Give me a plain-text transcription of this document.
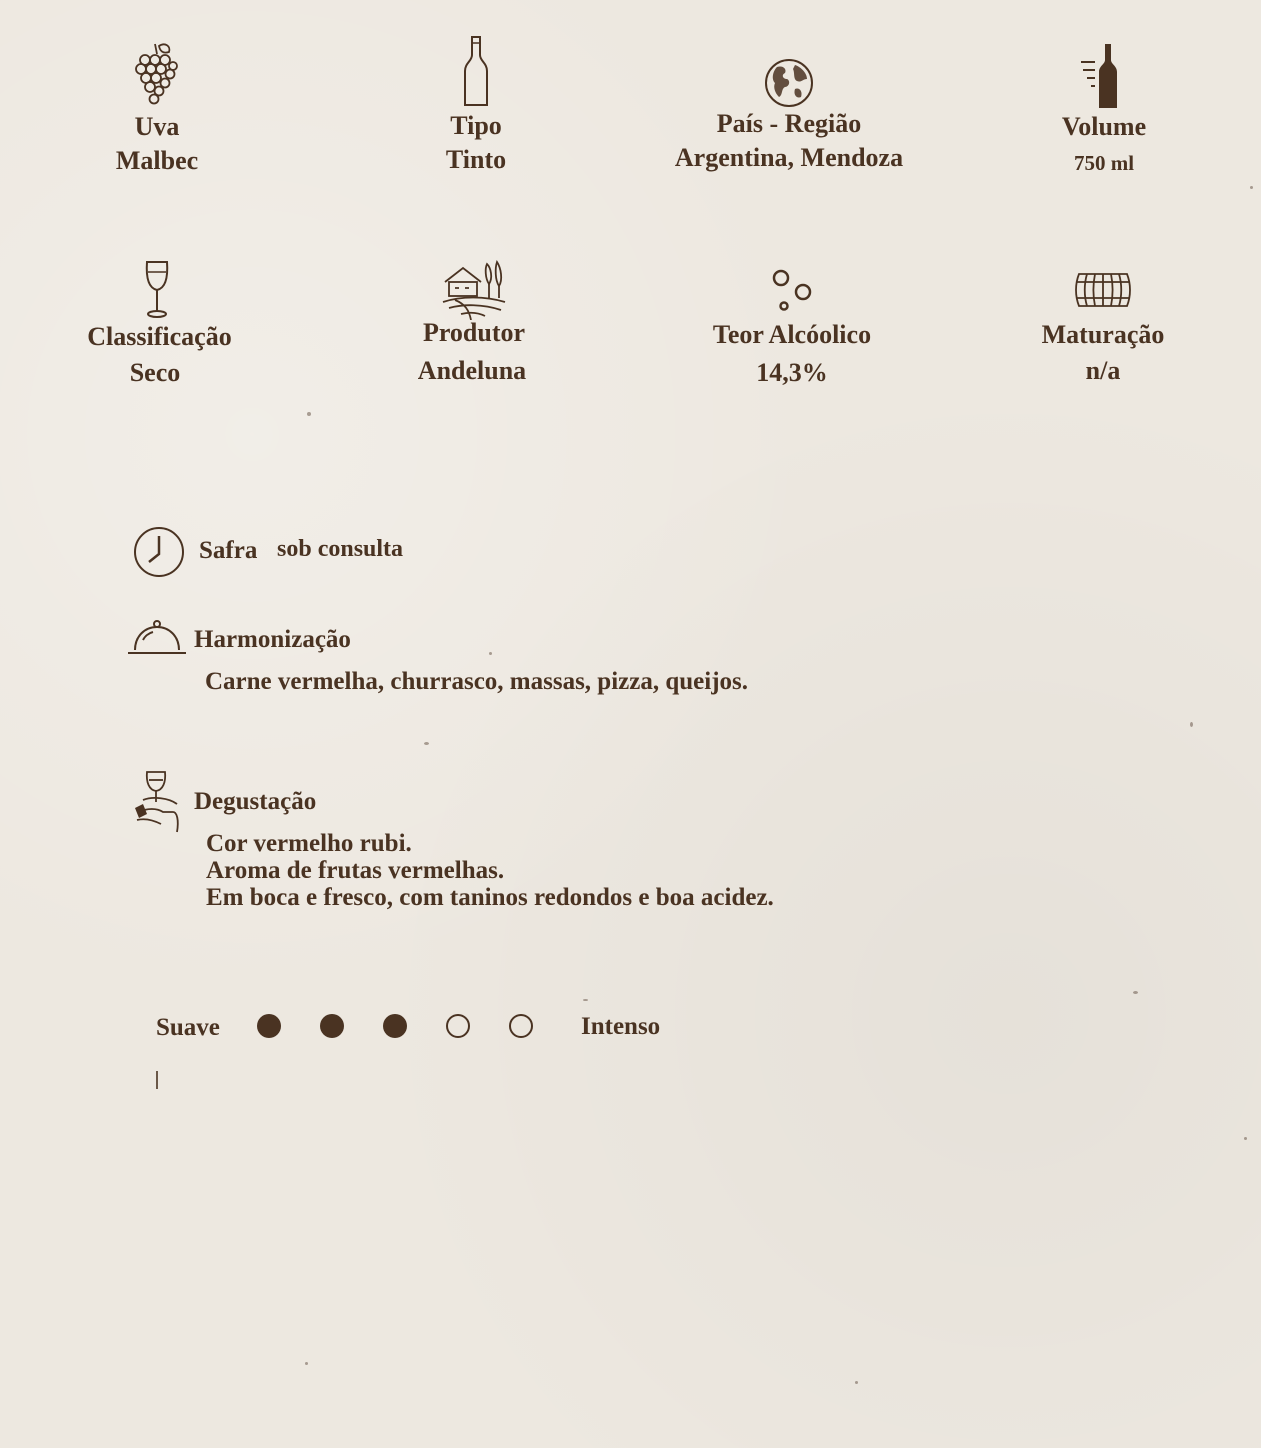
Uva
Malbec
Tipo
Tinto
País - Região
Argentina, Mendoza
Volume
750 ml
Classificação
Seco
Produtor
Andeluna
Teor Alcóolico
14,3%
Maturação
n/a
Safra sob consulta
Harmonização
Carne vermelha, churrasco, massas, pizza, queijos.
Degustação
Cor vermelho rubi.
Aroma de frutas vermelhas.
Em boca e fresco, com taninos redondos e boa acidez.
Suave	Intenso
